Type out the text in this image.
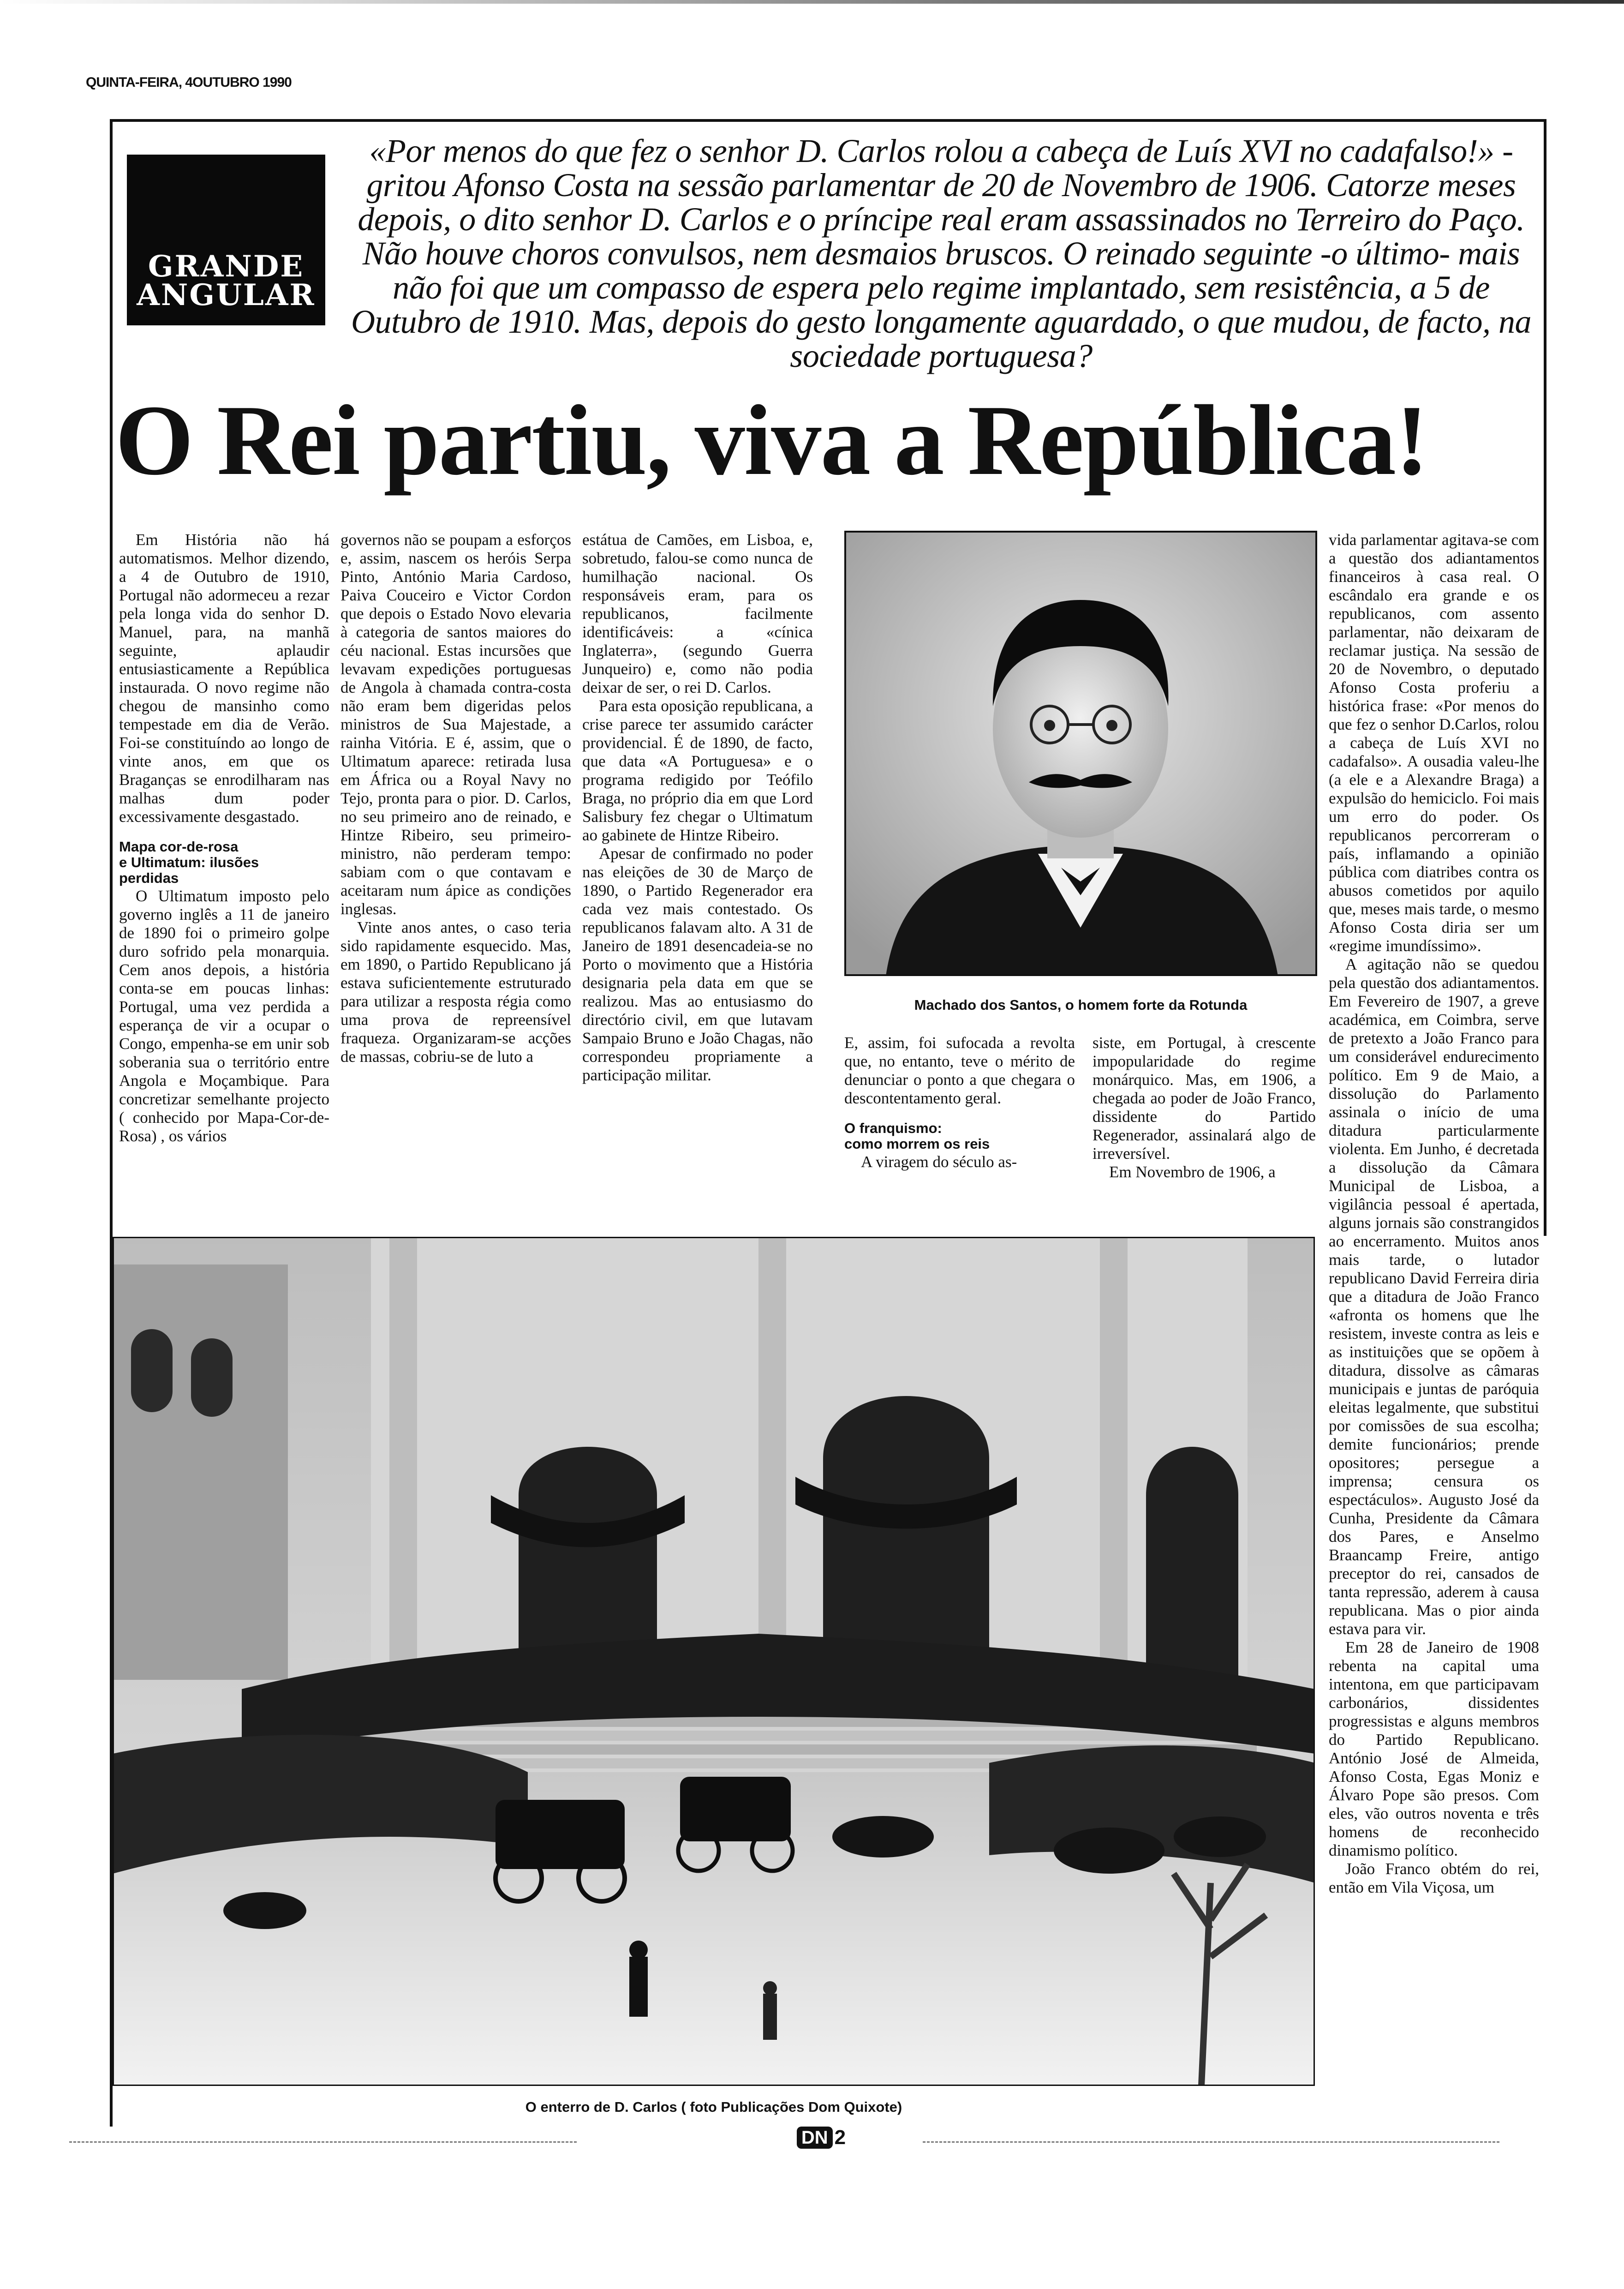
QUINTA-FEIRA, 4OUTUBRO 1990
GRANDE
ANGULAR
«Por menos do que fez o senhor D. Carlos rolou a cabeça de Luís XVI no cadafalso!» - gritou Afonso Costa na sessão parlamentar de 20 de Novembro de 1906. Catorze meses depois, o dito senhor D. Carlos e o príncipe real eram assassinados no Terreiro do Paço. Não houve choros convulsos, nem desmaios bruscos. O reinado seguinte -o último- mais não foi que um compasso de espera pelo regime implantado, sem resistência, a 5 de Outubro de 1910. Mas, depois do gesto longamente aguardado, o que mudou, de facto, na sociedade portuguesa?
O Rei partiu, viva a República!

Em História não há automatismos. Melhor dizendo, a 4 de Outubro de 1910, Portugal não adormeceu a rezar pela longa vida do senhor D. Manuel, para, na manhã seguinte, aplaudir entusiasticamente a República instaurada. O novo regime não chegou de mansinho como tempestade em dia de Verão. Foi-se constituíndo ao longo de vinte anos, em que os Braganças se enrodilharam nas malhas dum poder excessivamente desgastado.

Mapa cor-de-rosa
e Ultimatum: ilusões
perdidas

O Ultimatum imposto pelo governo inglês a 11 de janeiro de 1890 foi o primeiro golpe duro sofrido pela monarquia. Cem anos depois, a história conta-se em poucas linhas: Portugal, uma vez perdida a esperança de vir a ocupar o Congo, empenha-se em unir sob soberania sua o território entre Angola e Moçambique. Para concretizar semelhante projecto ( conhecido por Mapa-Cor-de-Rosa) , os vários

governos não se poupam a esforços e, assim, nascem os heróis Serpa Pinto, António Maria Cardoso, Paiva Couceiro e Victor Cordon que depois o Estado Novo elevaria à categoria de santos maiores do céu nacional. Estas incursões que levavam expedições portuguesas de Angola à chamada contra-costa não eram bem digeridas pelos ministros de Sua Majestade, a rainha Vitória. E é, assim, que o Ultimatum aparece: retirada lusa em África ou a Royal Navy no Tejo, pronta para o pior. D. Carlos, no seu primeiro ano de reinado, e Hintze Ribeiro, seu primeiro-ministro, não perderam tempo: sabiam com o que contavam e aceitaram num ápice as condições inglesas.

Vinte anos antes, o caso teria sido rapidamente esquecido. Mas, em 1890, o Partido Republicano já estava suficientemente estruturado para utilizar a resposta régia como uma prova de repreensível fraqueza. Organizaram-se acções de massas, cobriu-se de luto a

estátua de Camões, em Lisboa, e, sobretudo, falou-se como nunca de humilhação nacional. Os responsáveis eram, para os republicanos, facilmente identificáveis: a «cínica Inglaterra», (segundo Guerra Junqueiro) e, como não podia deixar de ser, o rei D. Carlos.

Para esta oposição republicana, a crise parece ter assumido carácter providencial. É de 1890, de facto, que data «A Portuguesa» e o programa redigido por Teófilo Braga, no próprio dia em que Lord Salisbury fez chegar o Ultimatum ao gabinete de Hintze Ribeiro.

Apesar de confirmado no poder nas eleições de 30 de Março de 1890, o Partido Regenerador era cada vez mais contestado. Os republicanos falavam alto. A 31 de Janeiro de 1891 desencadeia-se no Porto o movimento que a História designaria pela data em que se realizou. Mas ao entusiasmo do directório civil, em que lutavam Sampaio Bruno e João Chagas, não correspondeu propriamente a participação militar.

Machado dos Santos, o homem forte da Rotunda

E, assim, foi sufocada a revolta que, no entanto, teve o mérito de denunciar o ponto a que chegara o descontentamento geral.

O franquismo:
como morrem os reis

A viragem do século as-

siste, em Portugal, à crescente impopularidade do regime monárquico. Mas, em 1906, a chegada ao poder de João Franco, dissidente do Partido Regenerador, assinalará algo de irreversível.

Em Novembro de 1906, a

vida parlamentar agitava-se com a questão dos adiantamentos financeiros à casa real. O escândalo era grande e os republicanos, com assento parlamentar, não deixaram de reclamar justiça. Na sessão de 20 de Novembro, o deputado Afonso Costa proferiu a histórica frase: «Por menos do que fez o senhor D.Carlos, rolou a cabeça de Luís XVI no cadafalso». A ousadia valeu-lhe (a ele e a Alexandre Braga) a expulsão do hemiciclo. Foi mais um erro do poder. Os republicanos percorreram o país, inflamando a opinião pública com diatribes contra os abusos cometidos por aquilo que, meses mais tarde, o mesmo Afonso Costa diria ser um «regime imundíssimo».

A agitação não se quedou pela questão dos adiantamentos. Em Fevereiro de 1907, a greve académica, em Coimbra, serve de pretexto a João Franco para um considerável endurecimento político. Em 9 de Maio, a dissolução do Parlamento assinala o início de uma ditadura particularmente violenta. Em Junho, é decretada a dissolução da Câmara Municipal de Lisboa, a vigilância pessoal é apertada, alguns jornais são constrangidos ao encerramento. Muitos anos mais tarde, o lutador republicano David Ferreira diria que a ditadura de João Franco «afronta os homens que lhe resistem, investe contra as leis e as instituições que se opõem à ditadura, dissolve as câmaras municipais e juntas de paróquia eleitas legalmente, que substitui por comissões de sua escolha; demite funcionários; prende opositores; persegue a imprensa; censura os espectáculos». Augusto José da Cunha, Presidente da Câmara dos Pares, e Anselmo Braancamp Freire, antigo preceptor do rei, cansados de tanta repressão, aderem à causa republicana. Mas o pior ainda estava para vir.

Em 28 de Janeiro de 1908 rebenta na capital uma intentona, em que participavam carbonários, dissidentes progressistas e alguns membros do Partido Republicano. António José de Almeida, Afonso Costa, Egas Moniz e Álvaro Pope são presos. Com eles, vão outros noventa e três homens de reconhecido dinamismo político.

João Franco obtém do rei, então em Vila Viçosa, um

O enterro de D. Carlos ( foto Publicações Dom Quixote)
DN 2
